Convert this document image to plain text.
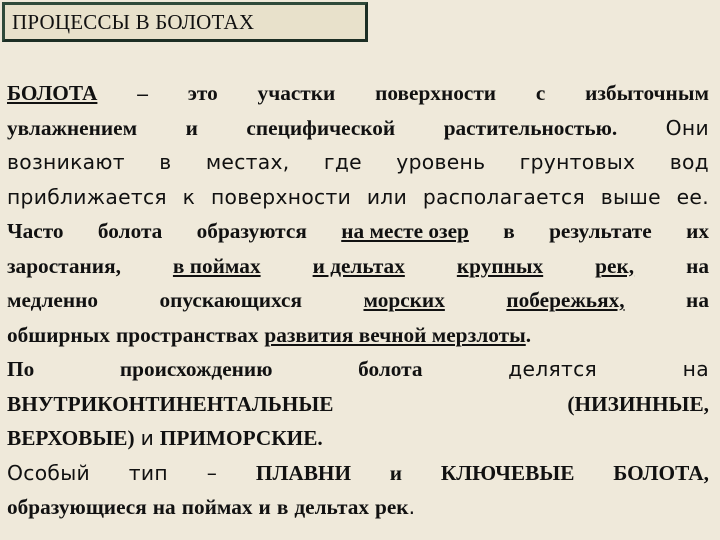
ПРОЦЕССЫ В БОЛОТАХ
БОЛОТА – это участки поверхности с избыточным
увлажнением и специфической растительностью. Они
возникают в местах, где уровень грунтовых вод
приближается к поверхности или располагается выше ее.
Часто болота образуются на месте озер в результате их
заростания, в поймах и дельтах крупных рек, на
медленно	опускающихся	морских	побережьях,	на
обширных пространствах развития вечной мерзлоты .
По	происхождению	болота	делятся	на
ВНУТРИКОНТИНЕНТАЛЬНЫЕ	(НИЗИННЫЕ,
ВЕРХОВЫЕ) и ПРИМОРСКИЕ.
Особый тип – ПЛАВНИ и КЛЮЧЕВЫЕ БОЛОТА,
образующиеся на поймах и в дельтах рек .
